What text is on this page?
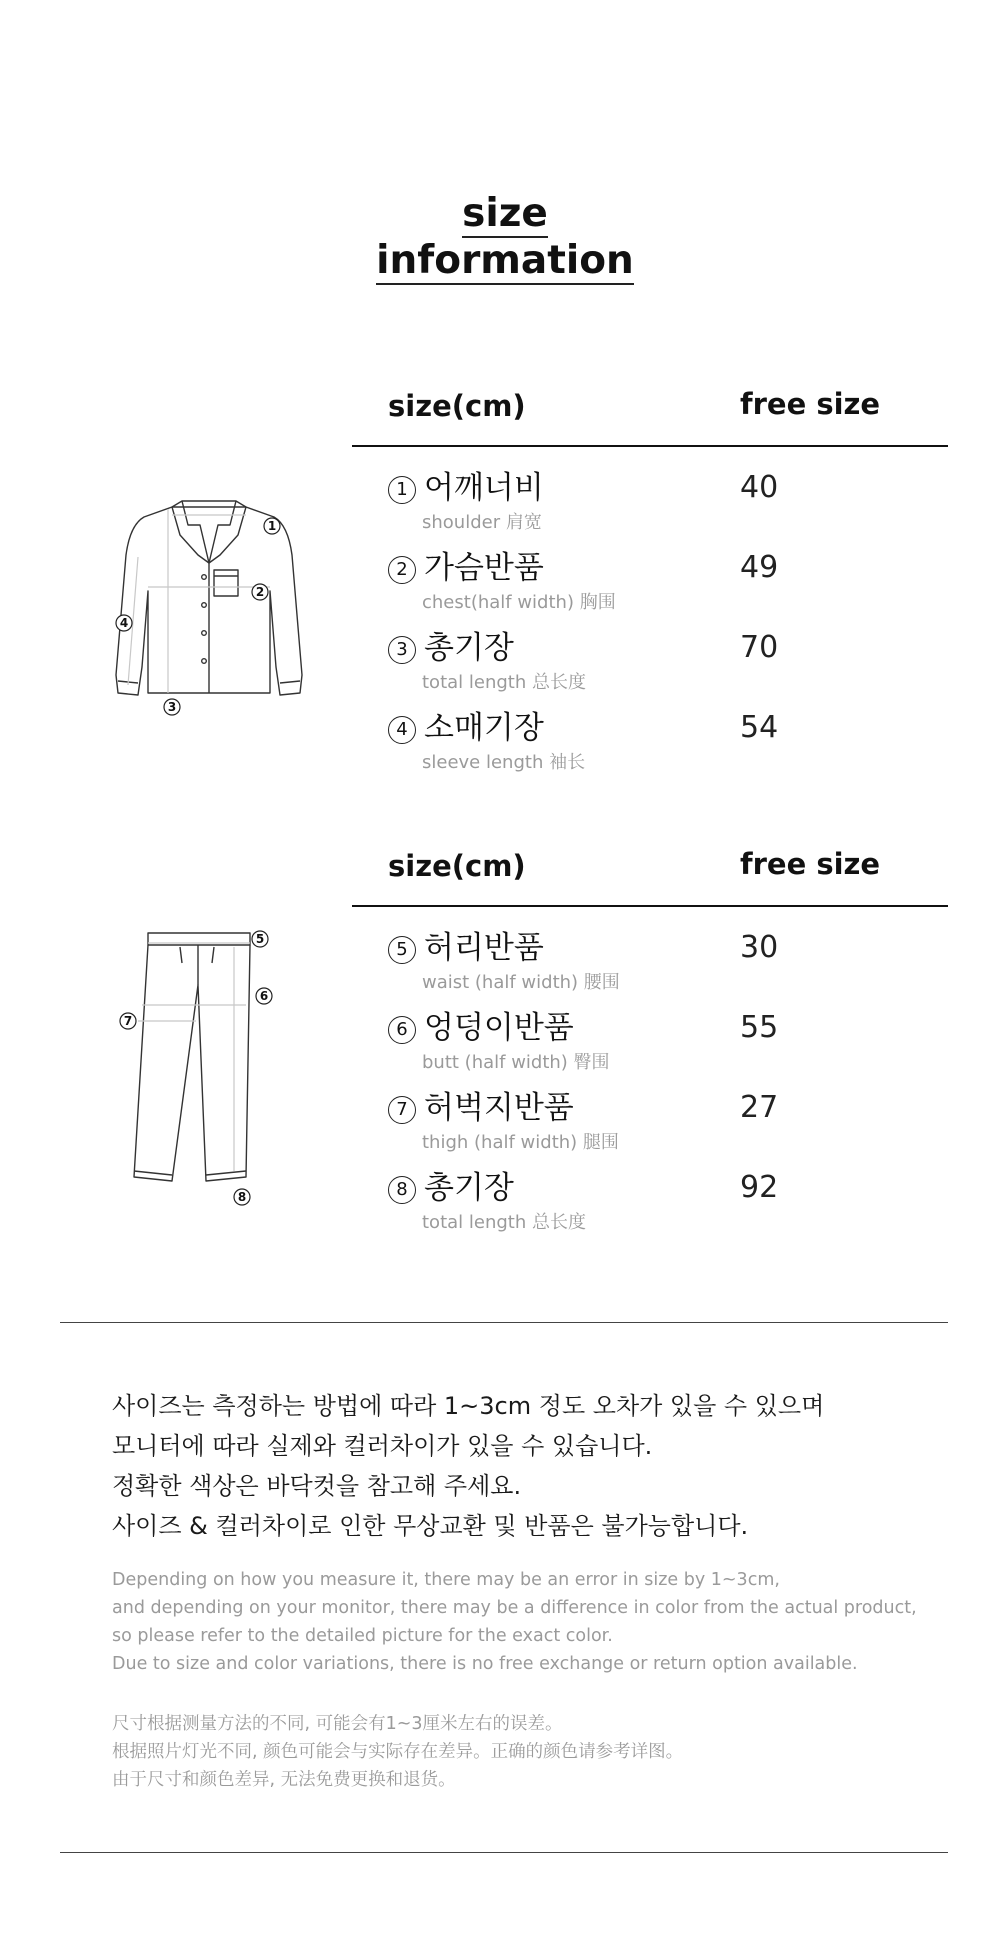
size
information
1
2
3
4
size(cm)	free size
1 어깨너비
shoulder 肩宽
40
2 가슴반품
chest(half width) 胸围
49
3 총기장
total length 总长度
70
4 소매기장
sleeve length 袖长
54
5
6
7
8
size(cm)	free size
5 허리반품
waist (half width) 腰围
30
6 엉덩이반품
butt (half width) 臀围
55
7 허벅지반품
thigh (half width) 腿围
27
8 총기장
total length 总长度
92
사이즈는 측정하는 방법에 따라 1~3cm 정도 오차가 있을 수 있으며
모니터에 따라 실제와 컬러차이가 있을 수 있습니다.
정확한 색상은 바닥컷을 참고해 주세요.
사이즈 & 컬러차이로 인한 무상교환 및 반품은 불가능합니다.
Depending on how you measure it, there may be an error in size by 1~3cm,
and depending on your monitor, there may be a difference in color from the actual product,
so please refer to the detailed picture for the exact color.
Due to size and color variations, there is no free exchange or return option available.
尺寸根据测量方法的不同, 可能会有1~3厘米左右的误差。
根据照片灯光不同, 颜色可能会与实际存在差异。正确的颜色请参考详图。
由于尺寸和颜色差异, 无法免费更换和退货。
